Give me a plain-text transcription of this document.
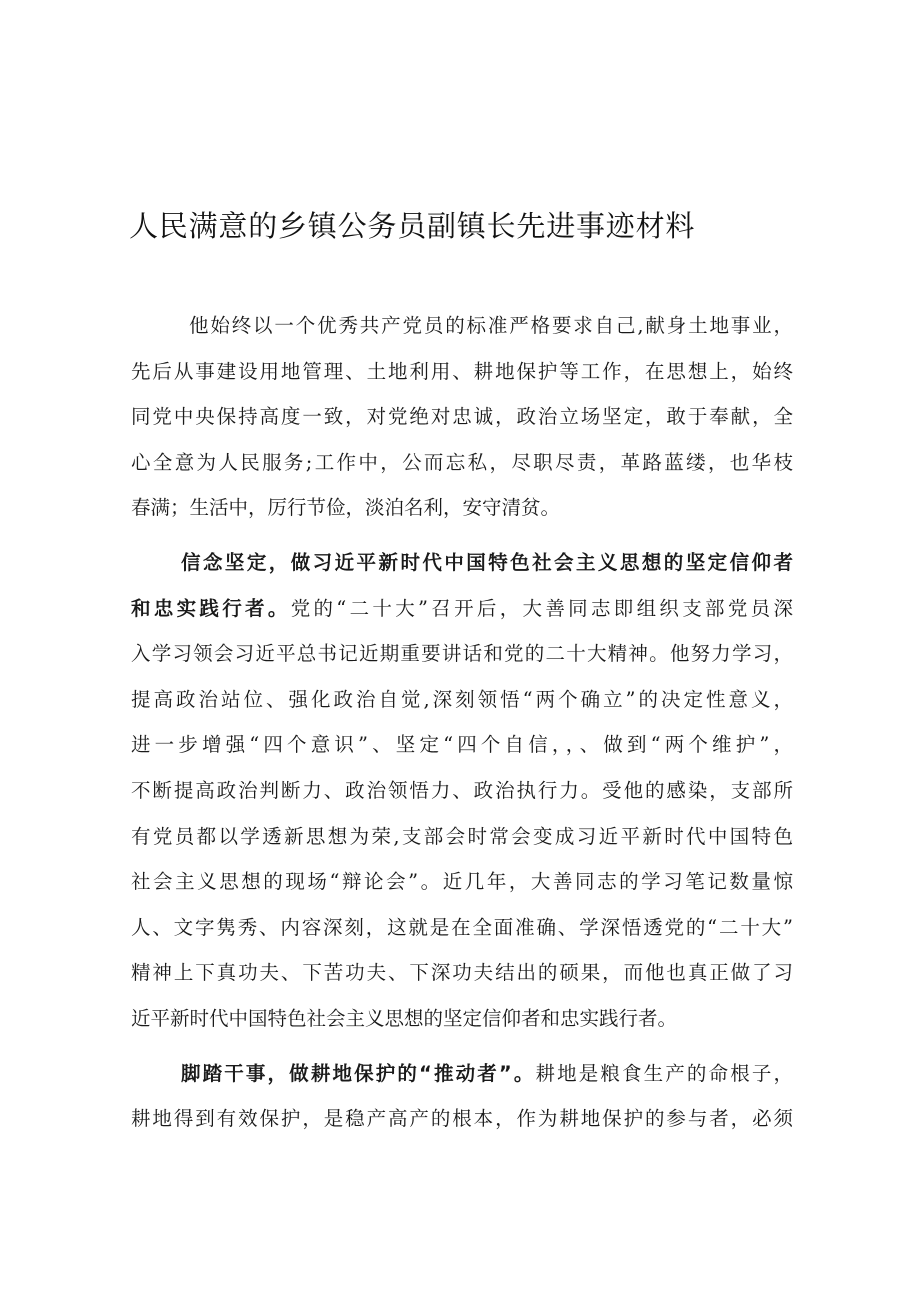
人民满意的乡镇公务员副镇长先进事迹材料
他始终以一个优秀共产党员的标准严格要求自己,献身土地事业，
先后从事建设用地管理、土地利用、耕地保护等工作，在思想上，始终
同党中央保持高度一致，对党绝对忠诚，政治立场坚定，敢于奉献，全
心全意为人民服务;工作中，公而忘私，尽职尽责，革路蓝缕，也华枝
春满；生活中，厉行节俭，淡泊名利，安守清贫。
信念坚定，做习近平新时代中国特色社会主义思想的坚定信仰者
和忠实践行者。党的“二十大”召开后，大善同志即组织支部党员深
入学习领会习近平总书记近期重要讲话和党的二十大精神。他努力学习，
提高政治站位、强化政治自觉,深刻领悟“两个确立”的决定性意义，
进一步增强“四个意识”、坚定“四个自信，，、做到“两个维护”，
不断提高政治判断力、政治领悟力、政治执行力。受他的感染，支部所
有党员都以学透新思想为荣,支部会时常会变成习近平新时代中国特色
社会主义思想的现场“辩论会”。近几年，大善同志的学习笔记数量惊
人、文字隽秀、内容深刻，这就是在全面准确、学深悟透党的“二十大”
精神上下真功夫、下苦功夫、下深功夫结出的硕果，而他也真正做了习
近平新时代中国特色社会主义思想的坚定信仰者和忠实践行者。
脚踏干事，做耕地保护的“推动者”。耕地是粮食生产的命根子，
耕地得到有效保护，是稳产高产的根本，作为耕地保护的参与者，必须
